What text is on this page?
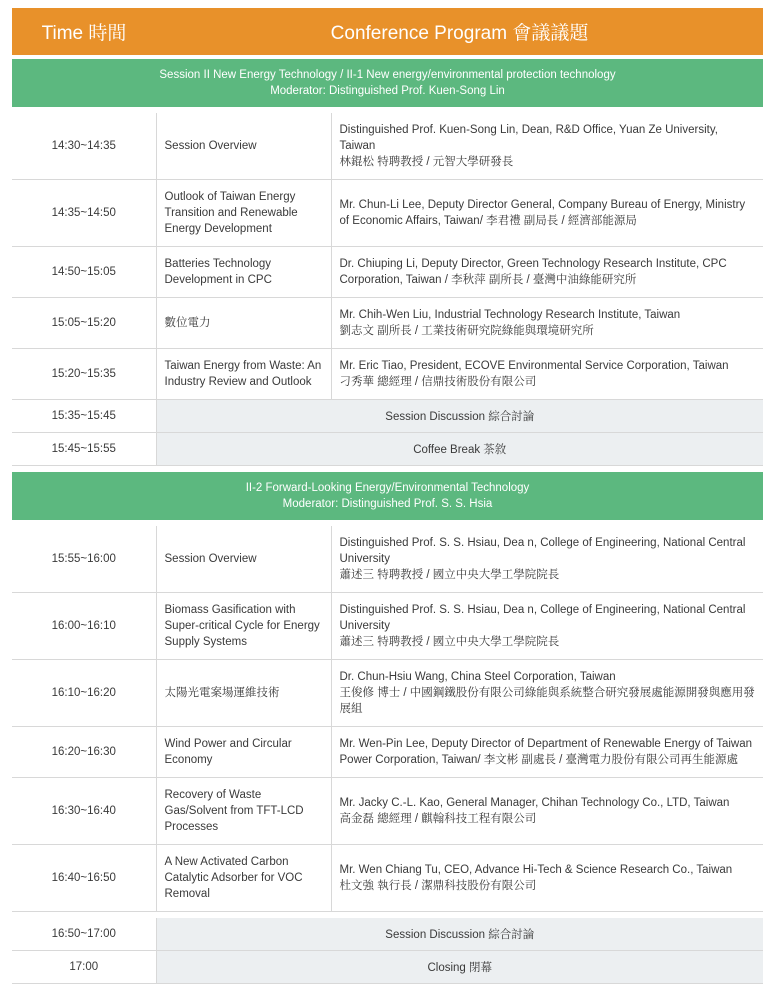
Time 時間	Conference Program 會議議題	

Session II New Energy Technology / II-1 New energy/environmental protection technology
Moderator: Distinguished Prof. Kuen-Song Lin		

14:30~14:35	Session Overview	Distinguished Prof. Kuen-Song Lin, Dean, R&D Office, Yuan Ze University, Taiwan
林錕松 特聘教授 / 元智大學研發長

14:35~14:50	Outlook of Taiwan Energy Transition and Renewable Energy Development	Mr. Chun-Li Lee, Deputy Director General, Company Bureau of Energy, Ministry of Economic Affairs, Taiwan/ 李君禮 副局長 / 經濟部能源局

14:50~15:05	Batteries Technology Development in CPC	Dr. Chiuping Li, Deputy Director, Green Technology Research Institute, CPC Corporation, Taiwan / 李秋萍 副所長 / 臺灣中油綠能研究所

15:05~15:20	數位電力	Mr. Chih-Wen Liu, Industrial Technology Research Institute, Taiwan
劉志文 副所長 / 工業技術研究院綠能與環境研究所

15:20~15:35	Taiwan Energy from Waste: An Industry Review and Outlook	Mr. Eric Tiao, President, ECOVE Environmental Service Corporation, Taiwan
刁秀華 總經理 / 信鼎技術股份有限公司

15:35~15:45	Session Discussion 綜合討論	
15:45~15:55	Coffee Break 茶敘	

II-2 Forward-Looking Energy/Environmental Technology
Moderator: Distinguished Prof. S. S. Hsia		

15:55~16:00	Session Overview	Distinguished Prof. S. S. Hsiau, Dea n, College of Engineering, National Central University
蕭述三 特聘教授 / 國立中央大學工學院院長

16:00~16:10	Biomass Gasification with Super-critical Cycle for Energy Supply Systems	Distinguished Prof. S. S. Hsiau, Dea n, College of Engineering, National Central University
蕭述三 特聘教授 / 國立中央大學工學院院長

16:10~16:20	太陽光電案場運維技術	Dr. Chun-Hsiu Wang, China Steel Corporation, Taiwan
王俊修 博士 / 中國鋼鐵股份有限公司綠能與系統整合研究發展處能源開發與應用發展組

16:20~16:30	Wind Power and Circular Economy	Mr. Wen-Pin Lee, Deputy Director of Department of Renewable Energy of Taiwan Power Corporation, Taiwan/ 李文彬 副處長 / 臺灣電力股份有限公司再生能源處

16:30~16:40	Recovery of Waste Gas/Solvent from TFT-LCD Processes	Mr. Jacky C.-L. Kao, General Manager, Chihan Technology Co., LTD, Taiwan
高金磊 總經理 / 麒翰科技工程有限公司

16:40~16:50	A New Activated Carbon Catalytic Adsorber for VOC Removal	Mr. Wen Chiang Tu, CEO, Advance Hi-Tech & Science Research Co., Taiwan
杜文強 執行長 / 潔鼎科技股份有限公司

16:50~17:00	Session Discussion 綜合討論	
17:00	Closing 閉幕	
